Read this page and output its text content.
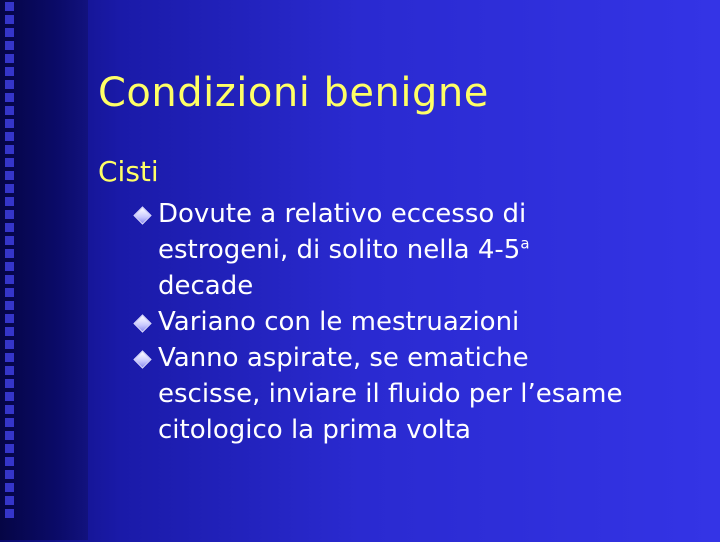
Condizioni benigne
Cisti
Dovute a relativo eccesso di
estrogeni, di solito nella 4-5$^a$
decade
Variano con le mestruazioni
Vanno aspirate, se ematiche
escisse, inviare il fluido per l’esame
citologico la prima volta
